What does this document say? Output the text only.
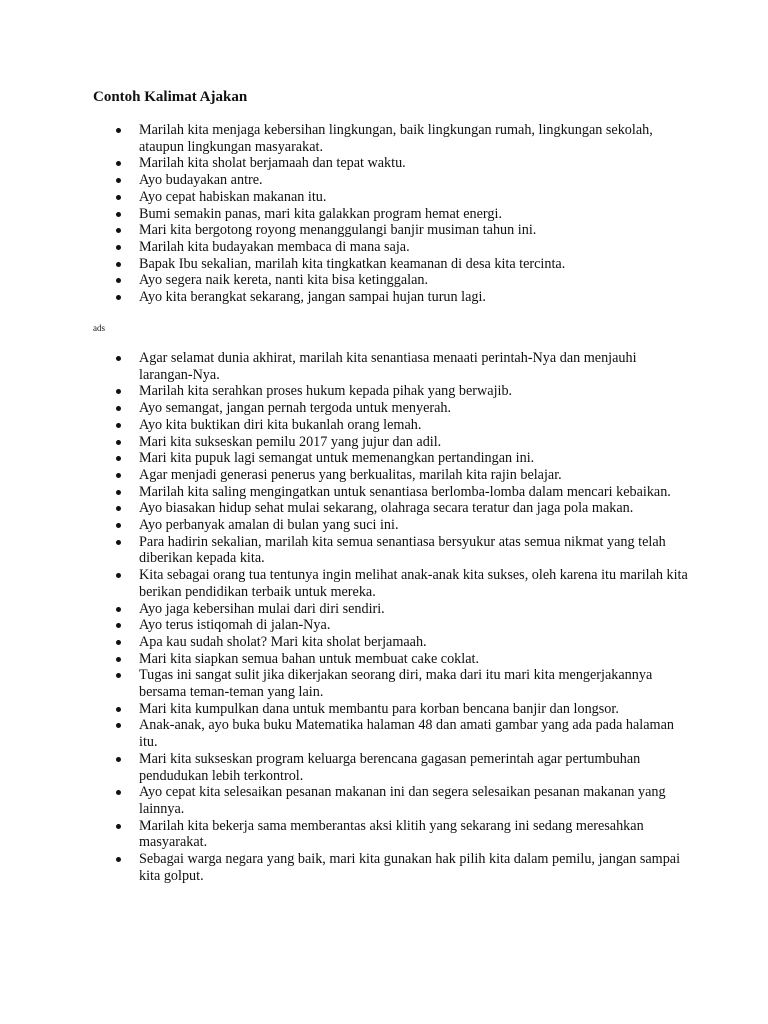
Contoh Kalimat Ajakan
Marilah kita menjaga kebersihan lingkungan, baik lingkungan rumah, lingkungan sekolah, ataupun lingkungan masyarakat.
Marilah kita sholat berjamaah dan tepat waktu.
Ayo budayakan antre.
Ayo cepat habiskan makanan itu.
Bumi semakin panas, mari kita galakkan program hemat energi.
Mari kita bergotong royong menanggulangi banjir musiman tahun ini.
Marilah kita budayakan membaca di mana saja.
Bapak Ibu sekalian, marilah kita tingkatkan keamanan di desa kita tercinta.
Ayo segera naik kereta, nanti kita bisa ketinggalan.
Ayo kita berangkat sekarang, jangan sampai hujan turun lagi.
ads
Agar selamat dunia akhirat, marilah kita senantiasa menaati perintah-Nya dan menjauhi larangan-Nya.
Marilah kita serahkan proses hukum kepada pihak yang berwajib.
Ayo semangat, jangan pernah tergoda untuk menyerah.
Ayo kita buktikan diri kita bukanlah orang lemah.
Mari kita sukseskan pemilu 2017 yang jujur dan adil.
Mari kita pupuk lagi semangat untuk memenangkan pertandingan ini.
Agar menjadi generasi penerus yang berkualitas, marilah kita rajin belajar.
Marilah kita saling mengingatkan untuk senantiasa berlomba-lomba dalam mencari kebaikan.
Ayo biasakan hidup sehat mulai sekarang, olahraga secara teratur dan jaga pola makan.
Ayo perbanyak amalan di bulan yang suci ini.
Para hadirin sekalian, marilah kita semua senantiasa bersyukur atas semua nikmat yang telah diberikan kepada kita.
Kita sebagai orang tua tentunya ingin melihat anak-anak kita sukses, oleh karena itu marilah kita berikan pendidikan terbaik untuk mereka.
Ayo jaga kebersihan mulai dari diri sendiri.
Ayo terus istiqomah di jalan-Nya.
Apa kau sudah sholat? Mari kita sholat berjamaah.
Mari kita siapkan semua bahan untuk membuat cake coklat.
Tugas ini sangat sulit jika dikerjakan seorang diri, maka dari itu mari kita mengerjakannya bersama teman-teman yang lain.
Mari kita kumpulkan dana untuk membantu para korban bencana banjir dan longsor.
Anak-anak, ayo buka buku Matematika halaman 48 dan amati gambar yang ada pada halaman itu.
Mari kita sukseskan program keluarga berencana gagasan pemerintah agar pertumbuhan pendudukan lebih terkontrol.
Ayo cepat kita selesaikan pesanan makanan ini dan segera selesaikan pesanan makanan yang lainnya.
Marilah kita bekerja sama memberantas aksi klitih yang sekarang ini sedang meresahkan masyarakat.
Sebagai warga negara yang baik, mari kita gunakan hak pilih kita dalam pemilu, jangan sampai kita golput.
